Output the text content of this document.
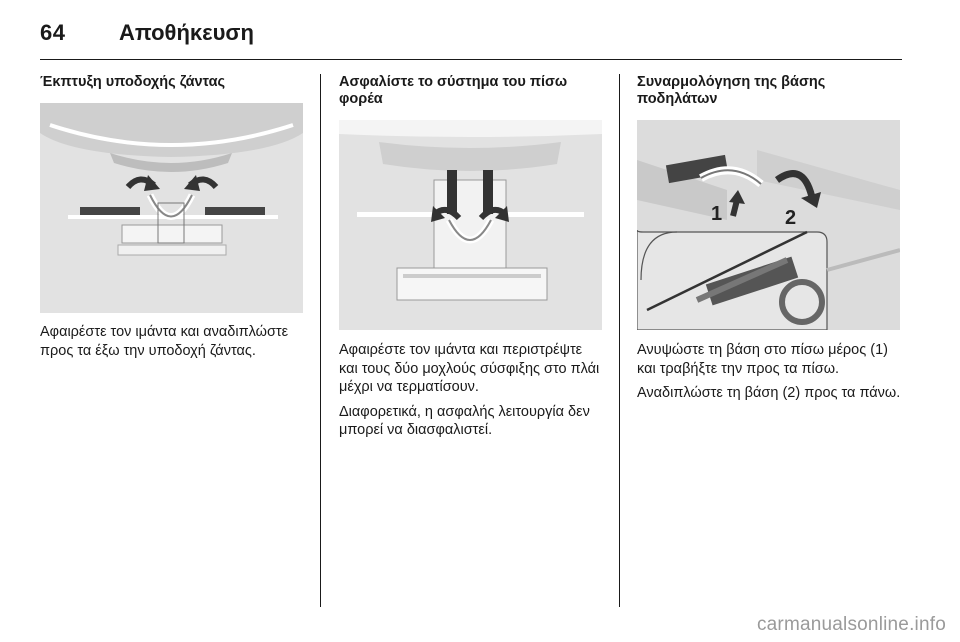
64 Αποθήκευση
Έκπτυξη υποδοχής ζάντας

Αφαιρέστε τον ιμάντα και αναδιπλώστε προς τα έξω την υποδοχή ζάντας.

Ασφαλίστε το σύστημα του πίσω φορέα

Αφαιρέστε τον ιμάντα και περιστρέψτε και τους δύο μοχλούς σύσφιξης στο πλάι μέχρι να τερματίσουν.

Διαφορετικά, η ασφαλής λειτουργία δεν μπορεί να διασφαλιστεί.

Συναρμολόγηση της βάσης ποδηλάτων
1	2

Ανυψώστε τη βάση στο πίσω μέρος (1) και τραβήξτε την προς τα πίσω.

Αναδιπλώστε τη βάση (2) προς τα πάνω.

carmanualsonline.info
